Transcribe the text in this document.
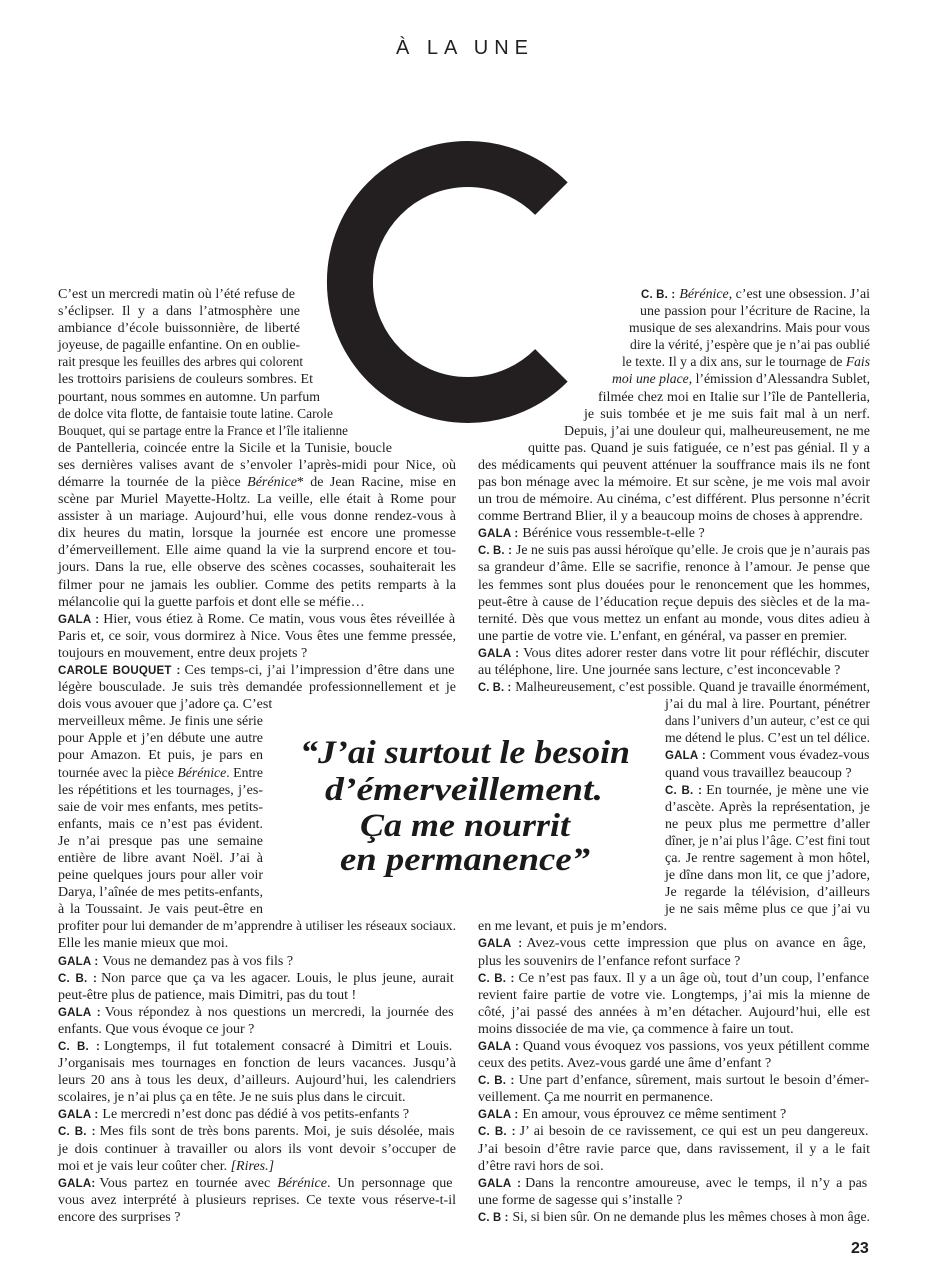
À LA UNE
C’est un mercredi matin où l’été refuse de
s’éclipser. Il y a dans l’atmosphère une
ambiance d’école buissonnière, de liberté
joyeuse, de pagaille enfantine. On en oublie-
rait presque les feuilles des arbres qui colorent
les trottoirs parisiens de couleurs sombres. Et
pourtant, nous sommes en automne. Un parfum
de dolce vita flotte, de fantaisie toute latine. Carole
Bouquet, qui se partage entre la France et l’île italienne
de Pantelleria, coincée entre la Sicile et la Tunisie, boucle
ses dernières valises avant de s’envoler l’après-midi pour Nice, où
démarre la tournée de la pièce Bérénice* de Jean Racine, mise en
scène par Muriel Mayette-Holtz. La veille, elle était à Rome pour
assister à un mariage. Aujourd’hui, elle vous donne rendez-vous à
dix heures du matin, lorsque la journée est encore une promesse
d’émerveillement. Elle aime quand la vie la surprend encore et tou-
jours. Dans la rue, elle observe des scènes cocasses, souhaiterait les
filmer pour ne jamais les oublier. Comme des petits remparts à la
mélancolie qui la guette parfois et dont elle se méfie…
GALA : Hier, vous étiez à Rome. Ce matin, vous vous êtes réveillée à
Paris et, ce soir, vous dormirez à Nice. Vous êtes une femme pressée,
toujours en mouvement, entre deux projets ?
CAROLE BOUQUET : Ces temps-ci, j’ai l’impression d’être dans une
légère bousculade. Je suis très demandée professionnellement et je
dois vous avouer que j’adore ça. C’est
merveilleux même. Je finis une série
pour Apple et j’en débute une autre
pour Amazon. Et puis, je pars en
tournée avec la pièce Bérénice. Entre
les répétitions et les tournages, j’es-
saie de voir mes enfants, mes petits-
enfants, mais ce n’est pas évident.
Je n’ai presque pas une semaine
entière de libre avant Noël. J’ai à
peine quelques jours pour aller voir
Darya, l’aînée de mes petits-enfants,
à la Toussaint. Je vais peut-être en
profiter pour lui demander de m’apprendre à utiliser les réseaux sociaux.
Elle les manie mieux que moi.
GALA : Vous ne demandez pas à vos fils ?
C. B. : Non parce que ça va les agacer. Louis, le plus jeune, aurait
peut-être plus de patience, mais Dimitri, pas du tout !
GALA : Vous répondez à nos questions un mercredi, la journée des
enfants. Que vous évoque ce jour ?
C. B. : Longtemps, il fut totalement consacré à Dimitri et Louis.
J’organisais mes tournages en fonction de leurs vacances. Jusqu’à
leurs 20 ans à tous les deux, d’ailleurs. Aujourd’hui, les calendriers
scolaires, je n’ai plus ça en tête. Je ne suis plus dans le circuit.
GALA : Le mercredi n’est donc pas dédié à vos petits-enfants ?
C. B. : Mes fils sont de très bons parents. Moi, je suis désolée, mais
je dois continuer à travailler ou alors ils vont devoir s’occuper de
moi et je vais leur coûter cher. [Rires.]
GALA: Vous partez en tournée avec Bérénice. Un personnage que
vous avez interprété à plusieurs reprises. Ce texte vous réserve-t-il
encore des surprises ?
C. B. : Bérénice, c’est une obsession. J’ai
une passion pour l’écriture de Racine, la
musique de ses alexandrins. Mais pour vous
dire la vérité, j’espère que je n’ai pas oublié
le texte. Il y a dix ans, sur le tournage de Fais
moi une place, l’émission d’Alessandra Sublet,
filmée chez moi en Italie sur l’île de Pantelleria,
je suis tombée et je me suis fait mal à un nerf.
Depuis, j’ai une douleur qui, malheureusement, ne me
quitte pas. Quand je suis fatiguée, ce n’est pas génial. Il y a
des médicaments qui peuvent atténuer la souffrance mais ils ne font
pas bon ménage avec la mémoire. Et sur scène, je me vois mal avoir
un trou de mémoire. Au cinéma, c’est différent. Plus personne n’écrit
comme Bertrand Blier, il y a beaucoup moins de choses à apprendre.
GALA : Bérénice vous ressemble-t-elle ?
C. B. : Je ne suis pas aussi héroïque qu’elle. Je crois que je n’aurais pas
sa grandeur d’âme. Elle se sacrifie, renonce à l’amour. Je pense que
les femmes sont plus douées pour le renoncement que les hommes,
peut-être à cause de l’éducation reçue depuis des siècles et de la ma-
ternité. Dès que vous mettez un enfant au monde, vous dites adieu à
une partie de votre vie. L’enfant, en général, va passer en premier.
GALA : Vous dites adorer rester dans votre lit pour réfléchir, discuter
au téléphone, lire. Une journée sans lecture, c’est inconcevable ?
C. B. : Malheureusement, c’est possible. Quand je travaille énormément,
j’ai du mal à lire. Pourtant, pénétrer
dans l’univers d’un auteur, c’est ce qui
me détend le plus. C’est un tel délice.
GALA : Comment vous évadez-vous
quand vous travaillez beaucoup ?
C. B. : En tournée, je mène une vie
d’ascète. Après la représentation, je
ne peux plus me permettre d’aller
dîner, je n’ai plus l’âge. C’est fini tout
ça. Je rentre sagement à mon hôtel,
je dîne dans mon lit, ce que j’adore,
Je regarde la télévision, d’ailleurs
je ne sais même plus ce que j’ai vu
en me levant, et puis je m’endors.
GALA : Avez-vous cette impression que plus on avance en âge,
plus les souvenirs de l’enfance refont surface ?
C. B. : Ce n’est pas faux. Il y a un âge où, tout d’un coup, l’enfance
revient faire partie de votre vie. Longtemps, j’ai mis la mienne de
côté, j’ai passé des années à m’en détacher. Aujourd’hui, elle est
moins dissociée de ma vie, ça commence à faire un tout.
GALA : Quand vous évoquez vos passions, vos yeux pétillent comme
ceux des petits. Avez-vous gardé une âme d’enfant ?
C. B. : Une part d’enfance, sûrement, mais surtout le besoin d’émer-
veillement. Ça me nourrit en permanence.
GALA : En amour, vous éprouvez ce même sentiment ?
C. B. : J’ ai besoin de ce ravissement, ce qui est un peu dangereux.
J’ai besoin d’être ravie parce que, dans ravissement, il y a le fait
d’être ravi hors de soi.
GALA : Dans la rencontre amoureuse, avec le temps, il n’y a pas
une forme de sagesse qui s’installe ?
C. B : Si, si bien sûr. On ne demande plus les mêmes choses à mon âge.
“J’ai surtout le besoin
d’émerveillement.
Ça me nourrit
en permanence”
23
